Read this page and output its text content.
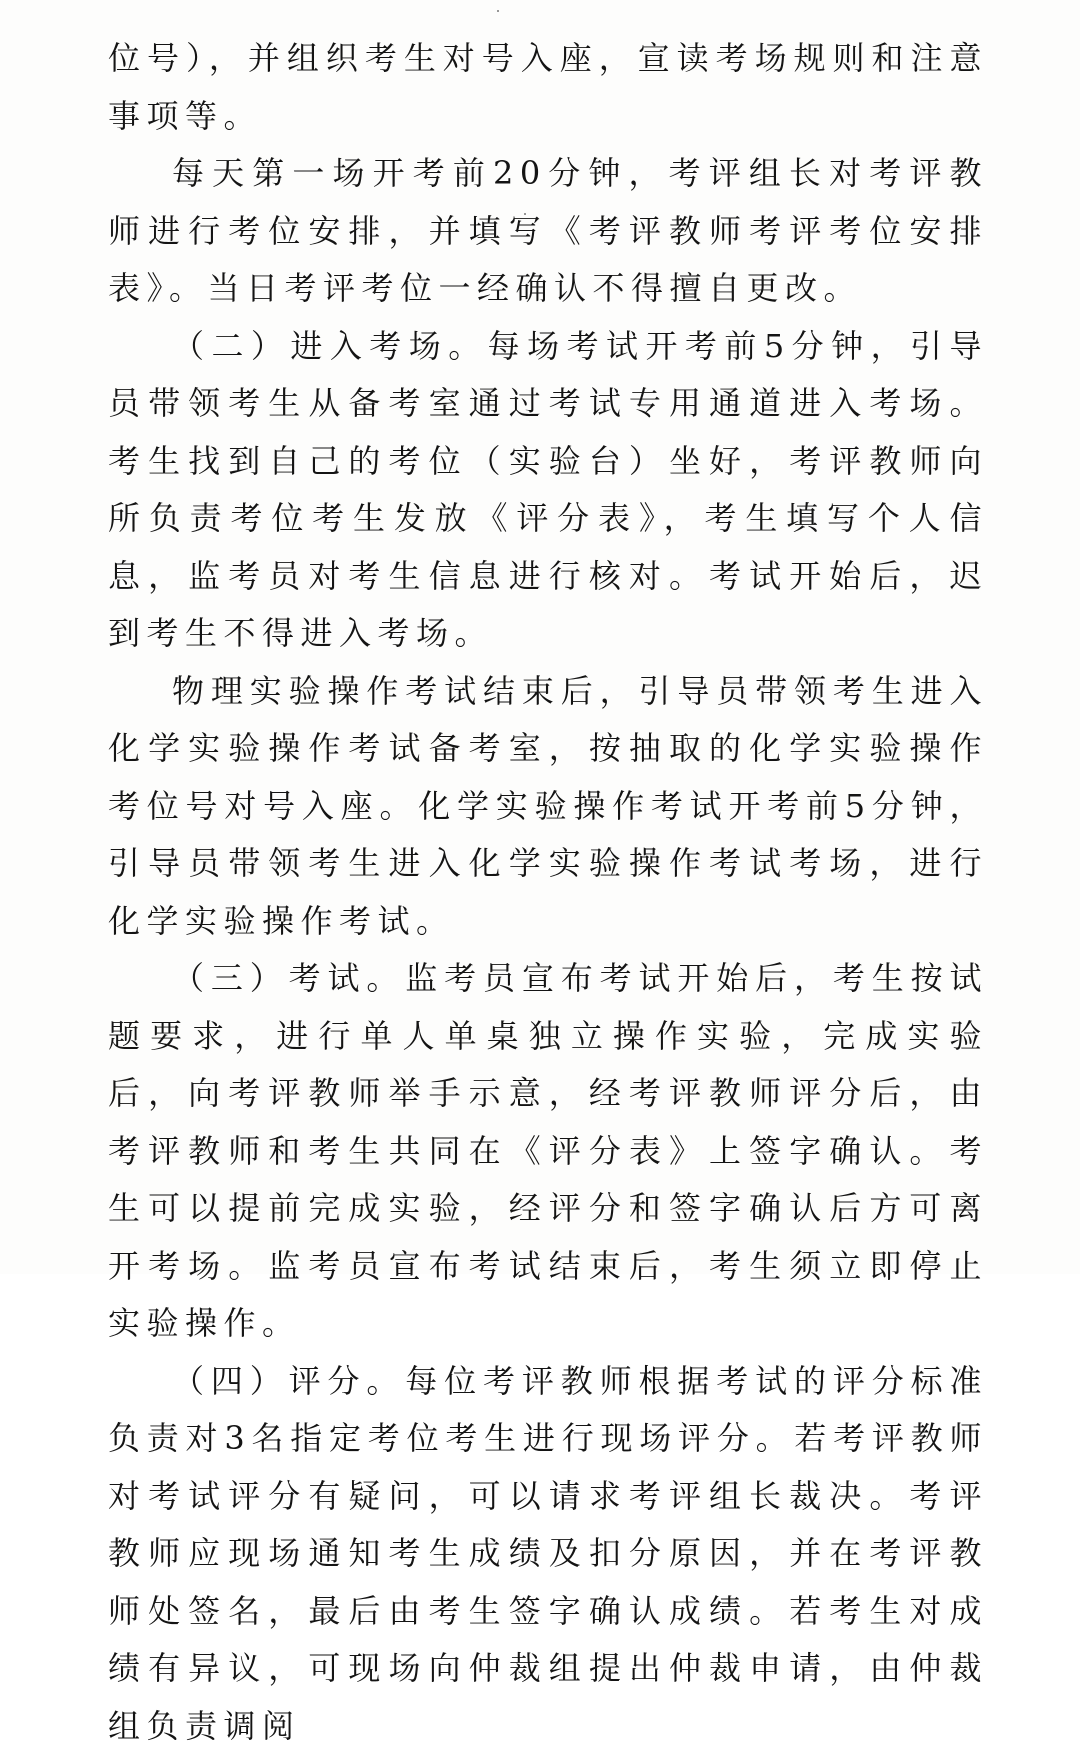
位号），并组织考生对号入座，宣读考场规则和注意事项等。

每天第一场开考前20分钟，考评组长对考评教师进行考位安排，并填写《考评教师考评考位安排表》。当日考评考位一经确认不得擅自更改。

（二）进入考场。每场考试开考前5分钟，引导员带领考生从备考室通过考试专用通道进入考场。考生找到自己的考位（实验台）坐好，考评教师向所负责考位考生发放《评分表》，考生填写个人信息，监考员对考生信息进行核对。考试开始后，迟到考生不得进入考场。

物理实验操作考试结束后，引导员带领考生进入化学实验操作考试备考室，按抽取的化学实验操作考位号对号入座。化学实验操作考试开考前5分钟，引导员带领考生进入化学实验操作考试考场，进行化学实验操作考试。

（三）考试。监考员宣布考试开始后，考生按试题要求，进行单人单桌独立操作实验，完成实验后，向考评教师举手示意，经考评教师评分后，由考评教师和考生共同在《评分表》上签字确认。考生可以提前完成实验，经评分和签字确认后方可离开考场。监考员宣布考试结束后，考生须立即停止实验操作。

（四）评分。每位考评教师根据考试的评分标准负责对3名指定考位考生进行现场评分。若考评教师对考试评分有疑问，可以请求考评组长裁决。考评教师应现场通知考生成绩及扣分原因，并在考评教师处签名，最后由考生签字确认成绩。若考生对成绩有异议，可现场向仲裁组提出仲裁申请，由仲裁组负责调阅
